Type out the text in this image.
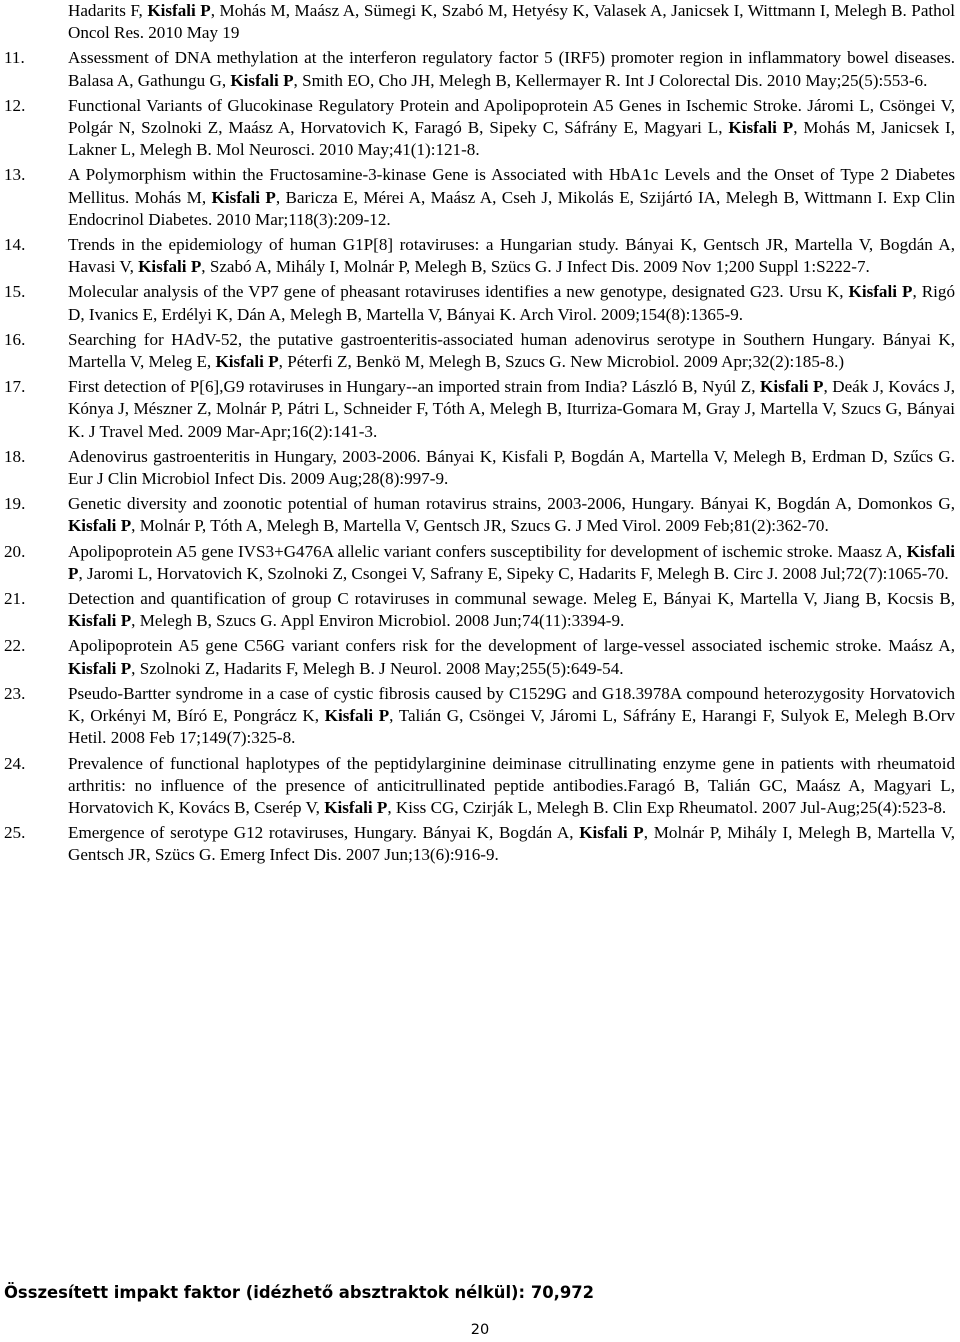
Hadarits F, Kisfali P, Mohás M, Maász A, Sümegi K, Szabó M, Hetyésy K, Valasek A, Janicsek I, Wittmann I, Melegh B. Pathol Oncol Res. 2010 May 19
11.	Assessment of DNA methylation at the interferon regulatory factor 5 (IRF5) promoter region in inflammatory bowel diseases. Balasa A, Gathungu G, Kisfali P, Smith EO, Cho JH, Melegh B, Kellermayer R. Int J Colorectal Dis. 2010 May;25(5):553-6.
12. Functional Variants of Glucokinase Regulatory Protein and Apolipoprotein A5 Genes in Ischemic Stroke. Járomi L, Csöngei V, Polgár N, Szolnoki Z, Maász A, Horvatovich K, Faragó B, Sipeky C, Sáfrány E, Magyari L, Kisfali P, Mohás M, Janicsek I, Lakner L, Melegh B. Mol Neurosci. 2010 May;41(1):121-8.
13. A Polymorphism within the Fructosamine-3-kinase Gene is Associated with HbA1c Levels and the Onset of Type 2 Diabetes Mellitus. Mohás M, Kisfali P, Baricza E, Mérei A, Maász A, Cseh J, Mikolás E, Szijártó IA, Melegh B, Wittmann I. Exp Clin Endocrinol Diabetes. 2010 Mar;118(3):209-12.
14. Trends in the epidemiology of human G1P[8] rotaviruses: a Hungarian study. Bányai K, Gentsch JR, Martella V, Bogdán A, Havasi V, Kisfali P, Szabó A, Mihály I, Molnár P, Melegh B, Szücs G. J Infect Dis. 2009 Nov 1;200 Suppl 1:S222-7.
15. Molecular analysis of the VP7 gene of pheasant rotaviruses identifies a new genotype, designated G23. Ursu K, Kisfali P, Rigó D, Ivanics E, Erdélyi K, Dán A, Melegh B, Martella V, Bányai K. Arch Virol. 2009;154(8):1365-9.
16. Searching for HAdV-52, the putative gastroenteritis-associated human adenovirus serotype in Southern Hungary. Bányai K, Martella V, Meleg E, Kisfali P, Péterfi Z, Benkö M, Melegh B, Szucs G. New Microbiol. 2009 Apr;32(2):185-8.)
17. First detection of P[6],G9 rotaviruses in Hungary--an imported strain from India? László B, Nyúl Z, Kisfali P, Deák J, Kovács J, Kónya J, Mészner Z, Molnár P, Pátri L, Schneider F, Tóth A, Melegh B, Iturriza-Gomara M, Gray J, Martella V, Szucs G, Bányai K. J Travel Med. 2009 Mar-Apr;16(2):141-3.
18. Adenovirus gastroenteritis in Hungary, 2003-2006. Bányai K, Kisfali P, Bogdán A, Martella V, Melegh B, Erdman D, Szűcs G. Eur J Clin Microbiol Infect Dis. 2009 Aug;28(8):997-9.
19. Genetic diversity and zoonotic potential of human rotavirus strains, 2003-2006, Hungary. Bányai K, Bogdán A, Domonkos G, Kisfali P, Molnár P, Tóth A, Melegh B, Martella V, Gentsch JR, Szucs G. J Med Virol. 2009 Feb;81(2):362-70.
20. Apolipoprotein A5 gene IVS3+G476A allelic variant confers susceptibility for development of ischemic stroke. Maasz A, Kisfali P, Jaromi L, Horvatovich K, Szolnoki Z, Csongei V, Safrany E, Sipeky C, Hadarits F, Melegh B. Circ J. 2008 Jul;72(7):1065-70.
21. Detection and quantification of group C rotaviruses in communal sewage. Meleg E, Bányai K, Martella V, Jiang B, Kocsis B, Kisfali P, Melegh B, Szucs G. Appl Environ Microbiol. 2008 Jun;74(11):3394-9.
22. Apolipoprotein A5 gene C56G variant confers risk for the development of large-vessel associated ischemic stroke. Maász A, Kisfali P, Szolnoki Z, Hadarits F, Melegh B. J Neurol. 2008 May;255(5):649-54.
23. Pseudo-Bartter syndrome in a case of cystic fibrosis caused by C1529G and G18.3978A compound heterozygosity Horvatovich K, Orkényi M, Bíró E, Pongrácz K, Kisfali P, Talián G, Csöngei V, Járomi L, Sáfrány E, Harangi F, Sulyok E, Melegh B.Orv Hetil. 2008 Feb 17;149(7):325-8.
24. Prevalence of functional haplotypes of the peptidylarginine deiminase citrullinating enzyme gene in patients with rheumatoid arthritis: no influence of the presence of anticitrullinated peptide antibodies.Faragó B, Talián GC, Maász A, Magyari L, Horvatovich K, Kovács B, Cserép V, Kisfali P, Kiss CG, Czirják L, Melegh B. Clin Exp Rheumatol. 2007 Jul-Aug;25(4):523-8.
25. Emergence of serotype G12 rotaviruses, Hungary. Bányai K, Bogdán A, Kisfali P, Molnár P, Mihály I, Melegh B, Martella V, Gentsch JR, Szücs G. Emerg Infect Dis. 2007 Jun;13(6):916-9.

Összesített impakt faktor (idézhető absztraktok nélkül): 70,972

20
